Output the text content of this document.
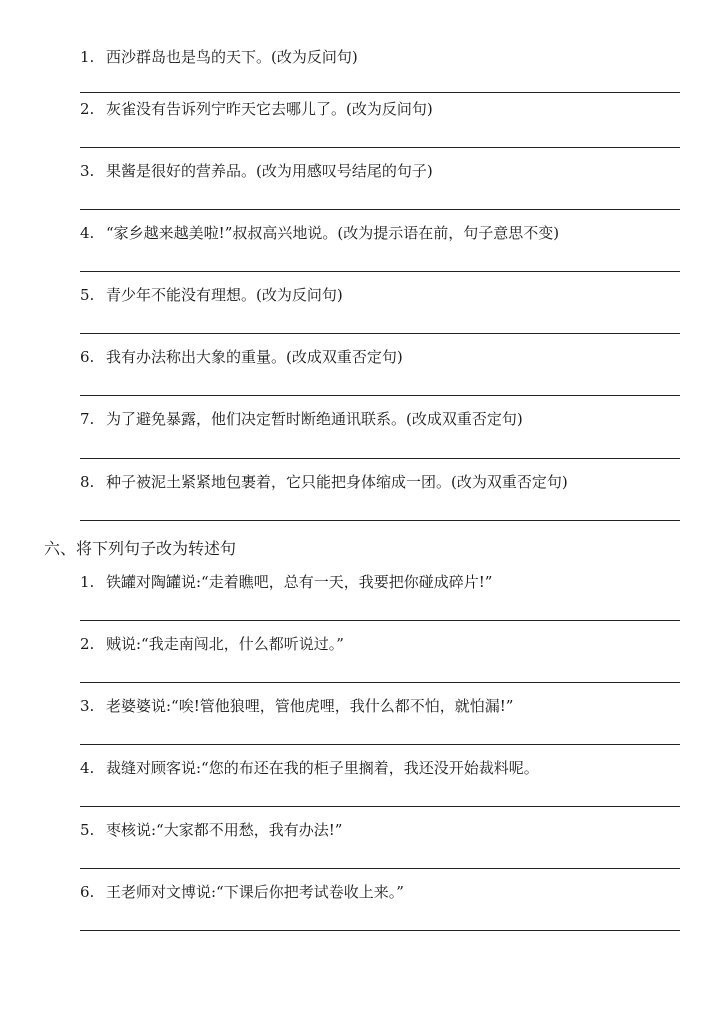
1. 西沙群岛也是鸟的天下。(改为反问句)
2. 灰雀没有告诉列宁昨天它去哪儿了。(改为反问句)
3. 果酱是很好的营养品。(改为用感叹号结尾的句子)
4. “家乡越来越美啦!”叔叔高兴地说。(改为提示语在前，句子意思不变)
5. 青少年不能没有理想。(改为反问句)
6. 我有办法称出大象的重量。(改成双重否定句)
7. 为了避免暴露，他们决定暂时断绝通讯联系。(改成双重否定句)
8. 种子被泥土紧紧地包裹着，它只能把身体缩成一团。(改为双重否定句)
六、将下列句子改为转述句
1. 铁罐对陶罐说:“走着瞧吧，总有一天，我要把你碰成碎片!”
2. 贼说:“我走南闯北，什么都听说过。”
3. 老婆婆说:“唉!管他狼哩，管他虎哩，我什么都不怕，就怕漏!”
4. 裁缝对顾客说:“您的布还在我的柜子里搁着，我还没开始裁料呢。
5. 枣核说:“大家都不用愁，我有办法!”
6. 王老师对文博说:“下课后你把考试卷收上来。”
